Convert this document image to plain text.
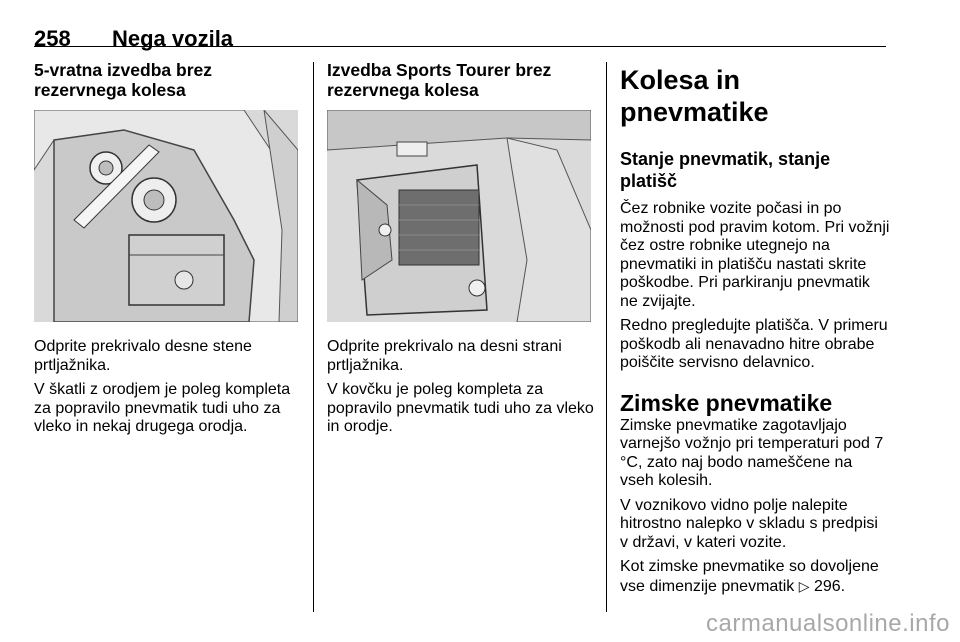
258 Nega vozila

5-vratna izvedba brez rezervnega kolesa

Odprite prekrivalo desne stene prtljažnika.

V škatli z orodjem je poleg kompleta za popravilo pnevmatik tudi uho za vleko in nekaj drugega orodja.

Izvedba Sports Tourer brez rezervnega kolesa

Odprite prekrivalo na desni strani prtljažnika.

V kovčku je poleg kompleta za popravilo pnevmatik tudi uho za vleko in orodje.

Kolesa in pnevmatike

Stanje pnevmatik, stanje platišč

Čez robnike vozite počasi in po možnosti pod pravim kotom. Pri vožnji čez ostre robnike utegnejo na pnevmatiki in platišču nastati skrite poškodbe. Pri parkiranju pnevmatik ne zvijajte.

Redno pregledujte platišča. V primeru poškodb ali nenavadno hitre obrabe poiščite servisno delavnico.

Zimske pnevmatike

Zimske pnevmatike zagotavljajo varnejšo vožnjo pri temperaturi pod 7 °C, zato naj bodo nameščene na vseh kolesih.

V voznikovo vidno polje nalepite hitrostno nalepko v skladu s predpisi v državi, v kateri vozite.

Kot zimske pnevmatike so dovoljene vse dimenzije pnevmatik ▷ 296.

carmanualsonline.info
